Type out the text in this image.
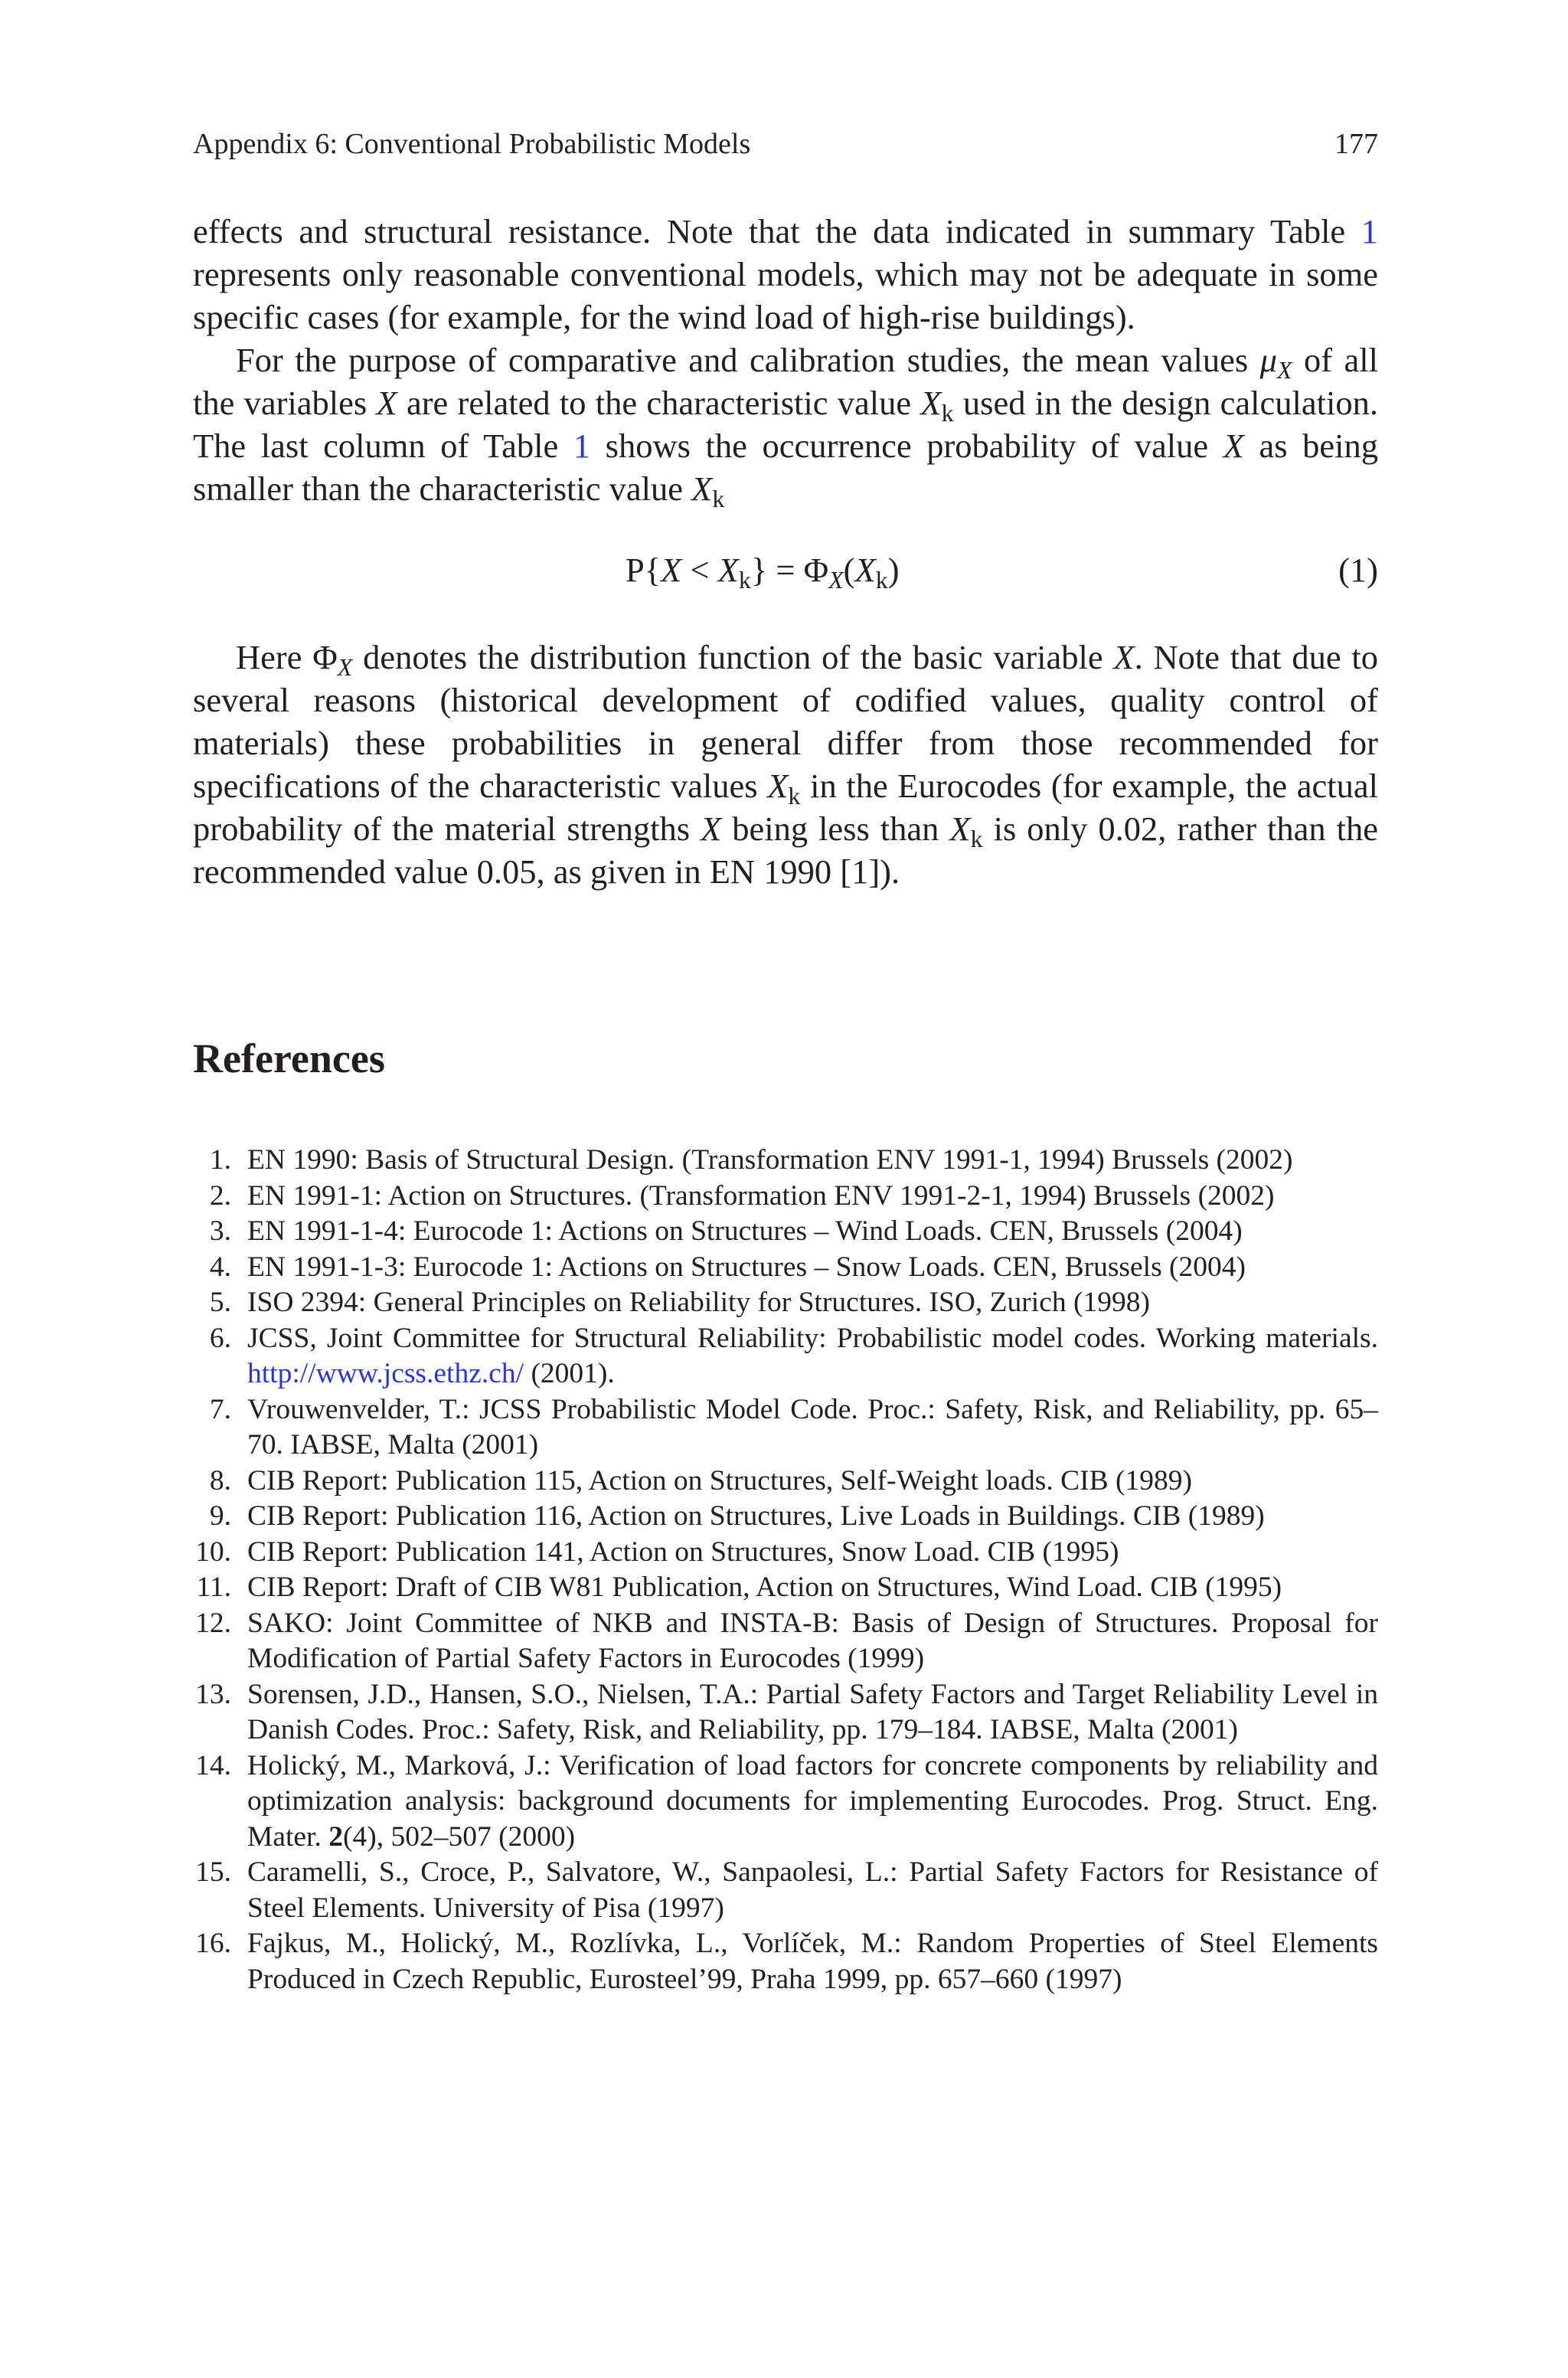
Appendix 6: Conventional Probabilistic Models	177

effects and structural resistance. Note that the data indicated in summary Table 1 represents only reasonable conventional models, which may not be adequate in some specific cases (for example, for the wind load of high-rise buildings).

For the purpose of comparative and calibration studies, the mean values $\mu_X$ of all the variables X are related to the characteristic value $X_k$ used in the design calculation. The last column of Table 1 shows the occurrence probability of value X as being smaller than the characteristic value $X_k$

$P\{X < X_k\} = \Phi_X(X_k)$	(1)

Here $\Phi_X$ denotes the distribution function of the basic variable X. Note that due to several reasons (historical development of codified values, quality control of materials) these probabilities in general differ from those recommended for specifications of the characteristic values $X_k$ in the Eurocodes (for example, the actual probability of the material strengths X being less than $X_k$ is only 0.02, rather than the recommended value 0.05, as given in EN 1990 [1]).

References
1. EN 1990: Basis of Structural Design. (Transformation ENV 1991-1, 1994) Brussels (2002)
2. EN 1991-1: Action on Structures. (Transformation ENV 1991-2-1, 1994) Brussels (2002)
3. EN 1991-1-4: Eurocode 1: Actions on Structures – Wind Loads. CEN, Brussels (2004)
4. EN 1991-1-3: Eurocode 1: Actions on Structures – Snow Loads. CEN, Brussels (2004)
5. ISO 2394: General Principles on Reliability for Structures. ISO, Zurich (1998)
6. JCSS, Joint Committee for Structural Reliability: Probabilistic model codes. Working materials. http://www.jcss.ethz.ch/ (2001).
7. Vrouwenvelder, T.: JCSS Probabilistic Model Code. Proc.: Safety, Risk, and Reliability, pp. 65–70. IABSE, Malta (2001)
8. CIB Report: Publication 115, Action on Structures, Self-Weight loads. CIB (1989)
9. CIB Report: Publication 116, Action on Structures, Live Loads in Buildings. CIB (1989)
10. CIB Report: Publication 141, Action on Structures, Snow Load. CIB (1995)
11. CIB Report: Draft of CIB W81 Publication, Action on Structures, Wind Load. CIB (1995)
12. SAKO: Joint Committee of NKB and INSTA-B: Basis of Design of Structures. Proposal for Modification of Partial Safety Factors in Eurocodes (1999)
13. Sorensen, J.D., Hansen, S.O., Nielsen, T.A.: Partial Safety Factors and Target Reliability Level in Danish Codes. Proc.: Safety, Risk, and Reliability, pp. 179–184. IABSE, Malta (2001)
14. Holický, M., Marková, J.: Verification of load factors for concrete components by reliability and optimization analysis: background documents for implementing Eurocodes. Prog. Struct. Eng. Mater. 2(4), 502–507 (2000)
15. Caramelli, S., Croce, P., Salvatore, W., Sanpaolesi, L.: Partial Safety Factors for Resistance of Steel Elements. University of Pisa (1997)
16. Fajkus, M., Holický, M., Rozlívka, L., Vorlíček, M.: Random Properties of Steel Elements Produced in Czech Republic, Eurosteel’99, Praha 1999, pp. 657–660 (1997)
